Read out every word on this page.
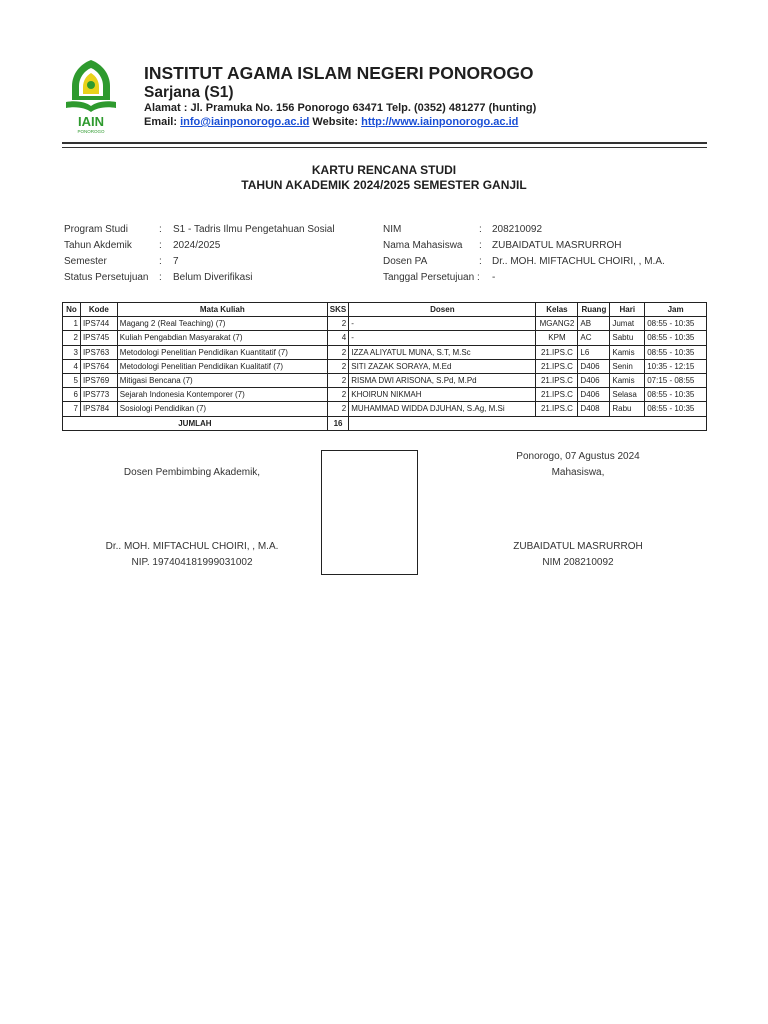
IAIN
PONOROGO
INSTITUT AGAMA ISLAM NEGERI PONOROGO
Sarjana (S1)
Alamat : Jl. Pramuka No. 156 Ponorogo 63471 Telp. (0352) 481277 (hunting)
Email: info@iainponorogo.ac.id Website: http://www.iainponorogo.ac.id
KARTU RENCANA STUDI
TAHUN AKADEMIK 2024/2025 SEMESTER GANJIL
Program Studi	: S1 - Tadris Ilmu Pengetahuan Sosial
Tahun Akdemik	: 2024/2025
Semester	: 7
Status Persetujuan : Belum Diverifikasi
NIM	: 208210092
Nama Mahasiswa : ZUBAIDATUL MASRURROH
Dosen PA	: Dr.. MOH. MIFTACHUL CHOIRI, , M.A.
Tanggal Persetujuan : -
No	Kode	Mata Kuliah	SKS	Dosen	Kelas	Ruang	Hari	Jam
1	IPS744	Magang 2 (Real Teaching) (7)	2	-	MGANG2	AB	Jumat	08:55 - 10:35
2	IPS745	Kuliah Pengabdian Masyarakat (7)	4	-	KPM	AC	Sabtu	08:55 - 10:35
3	IPS763	Metodologi Penelitian Pendidikan Kuantitatif (7)	2	IZZA ALIYATUL MUNA, S.T, M.Sc	21.IPS.C	L6	Kamis	08:55 - 10:35
4	IPS764	Metodologi Penelitian Pendidikan Kualitatif (7)	2	SITI ZAZAK SORAYA, M.Ed	21.IPS.C	D406	Senin	10:35 - 12:15
5	IPS769	Mitigasi Bencana (7)	2	RISMA DWI ARISONA, S.Pd, M.Pd	21.IPS.C	D406	Kamis	07:15 - 08:55
6	IPS773	Sejarah Indonesia Kontemporer (7)	2	KHOIRUN NIKMAH	21.IPS.C	D406	Selasa	08:55 - 10:35
7	IPS784	Sosiologi Pendidikan (7)	2	MUHAMMAD WIDDA DJUHAN, S.Ag, M.Si	21.IPS.C	D408	Rabu	08:55 - 10:35
JUMLAH			16					
Dosen Pembimbing Akademik,
Dr.. MOH. MIFTACHUL CHOIRI, , M.A.
NIP. 197404181999031002
Ponorogo, 07 Agustus 2024
Mahasiswa,
ZUBAIDATUL MASRURROH
NIM 208210092
